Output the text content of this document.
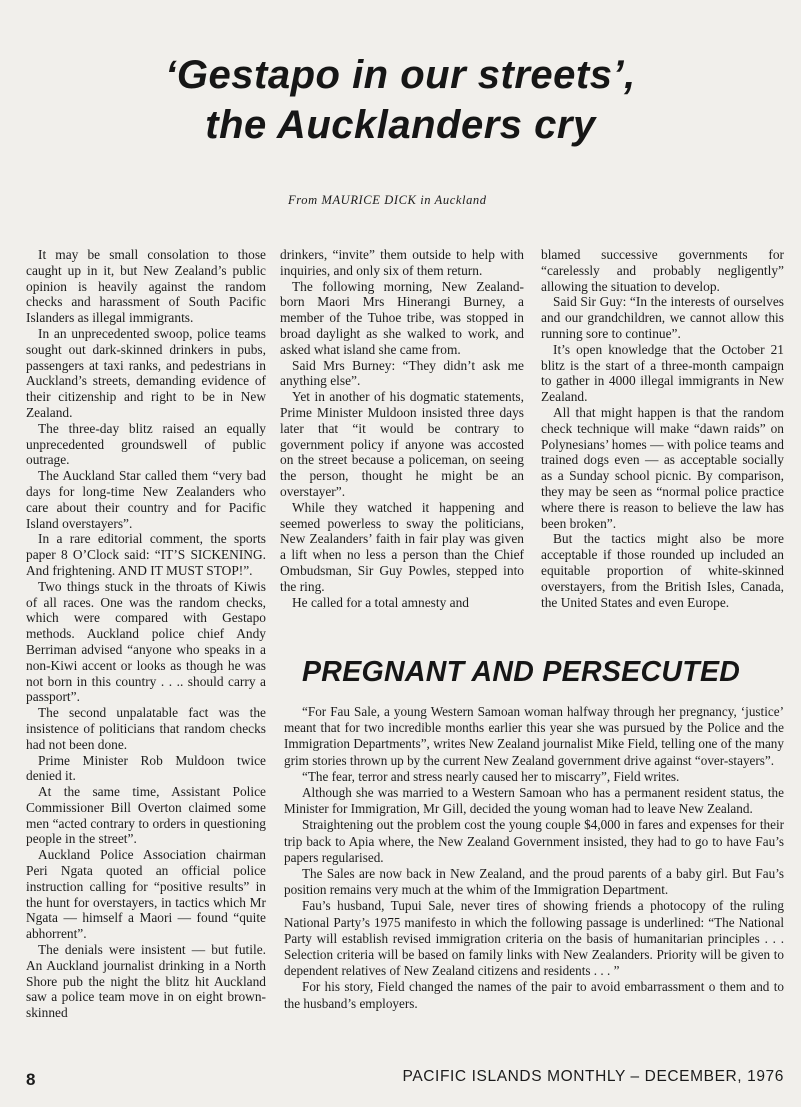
‘Gestapo in our streets’,
the Aucklanders cry
From MAURICE DICK in Auckland

It may be small consolation to those caught up in it, but New Zealand’s public opinion is heavily against the random checks and harassment of South Pacific Islanders as illegal immigrants.

In an unprecedented swoop, police teams sought out dark-skinned drinkers in pubs, passengers at taxi ranks, and pedestrians in Auckland’s streets, demanding evidence of their citizenship and right to be in New Zealand.

The three-day blitz raised an equally unprecedented groundswell of public outrage.

The Auckland Star called them “very bad days for long-time New Zealanders who care about their country and for Pacific Island overstayers”.

In a rare editorial comment, the sports paper 8 O’Clock said: “IT’S SICKENING. And frightening. AND IT MUST STOP!”.

Two things stuck in the throats of Kiwis of all races. One was the random checks, which were compared with Gestapo methods. Auckland police chief Andy Berriman advised “anyone who speaks in a non-Kiwi accent or looks as though he was not born in this country . . .. should carry a passport”.

The second unpalatable fact was the insistence of politicians that random checks had not been done.

Prime Minister Rob Muldoon twice denied it.

At the same time, Assistant Police Commissioner Bill Overton claimed some men “acted contrary to orders in questioning people in the street”.

Auckland Police Association chairman Peri Ngata quoted an official police instruction calling for “positive results” in the hunt for overstayers, in tactics which Mr Ngata — himself a Maori — found “quite abhorrent”.

The denials were insistent — but futile. An Auckland journalist drinking in a North Shore pub the night the blitz hit Auckland saw a police team move in on eight brown-skinned

drinkers, “invite” them outside to help with inquiries, and only six of them return.

The following morning, New Zealand-born Maori Mrs Hinerangi Burney, a member of the Tuhoe tribe, was stopped in broad daylight as she walked to work, and asked what island she came from.

Said Mrs Burney: “They didn’t ask me anything else”.

Yet in another of his dogmatic statements, Prime Minister Muldoon insisted three days later that “it would be contrary to government policy if anyone was accosted on the street because a policeman, on seeing the person, thought he might be an overstayer”.

While they watched it happening and seemed powerless to sway the politicians, New Zealanders’ faith in fair play was given a lift when no less a person than the Chief Ombudsman, Sir Guy Powles, stepped into the ring.

He called for a total amnesty and

blamed successive governments for “carelessly and probably negligently” allowing the situation to develop.

Said Sir Guy: “In the interests of ourselves and our grandchildren, we cannot allow this running sore to continue”.

It’s open knowledge that the October 21 blitz is the start of a three-month campaign to gather in 4000 illegal immigrants in New Zealand.

All that might happen is that the random check technique will make “dawn raids” on Polynesians’ homes — with police teams and trained dogs even — as acceptable socially as a Sunday school picnic. By comparison, they may be seen as “normal police practice where there is reason to believe the law has been broken”.

But the tactics might also be more acceptable if those rounded up included an equitable proportion of white-skinned overstayers, from the British Isles, Canada, the United States and even Europe.

PREGNANT AND PERSECUTED

“For Fau Sale, a young Western Samoan woman halfway through her pregnancy, ‘justice’ meant that for two incredible months earlier this year she was pursued by the Police and the Immigration Departments”, writes New Zealand journalist Mike Field, telling one of the many grim stories thrown up by the current New Zealand government drive against “over-stayers”.

“The fear, terror and stress nearly caused her to miscarry”, Field writes.

Although she was married to a Western Samoan who has a permanent resident status, the Minister for Immigration, Mr Gill, decided the young woman had to leave New Zealand.

Straightening out the problem cost the young couple $4,000 in fares and expenses for their trip back to Apia where, the New Zealand Government insisted, they had to go to have Fau’s papers regularised.

The Sales are now back in New Zealand, and the proud parents of a baby girl. But Fau’s position remains very much at the whim of the Immigration Department.

Fau’s husband, Tupui Sale, never tires of showing friends a photocopy of the ruling National Party’s 1975 manifesto in which the following passage is underlined: “The National Party will establish revised immigration criteria on the basis of humanitarian principles . . . Selection criteria will be based on family links with New Zealanders. Priority will be given to dependent relatives of New Zealand citizens and residents . . . ”

For his story, Field changed the names of the pair to avoid embarrassment o them and to the husband’s employers.

8	PACIFIC ISLANDS MONTHLY – DECEMBER, 1976
